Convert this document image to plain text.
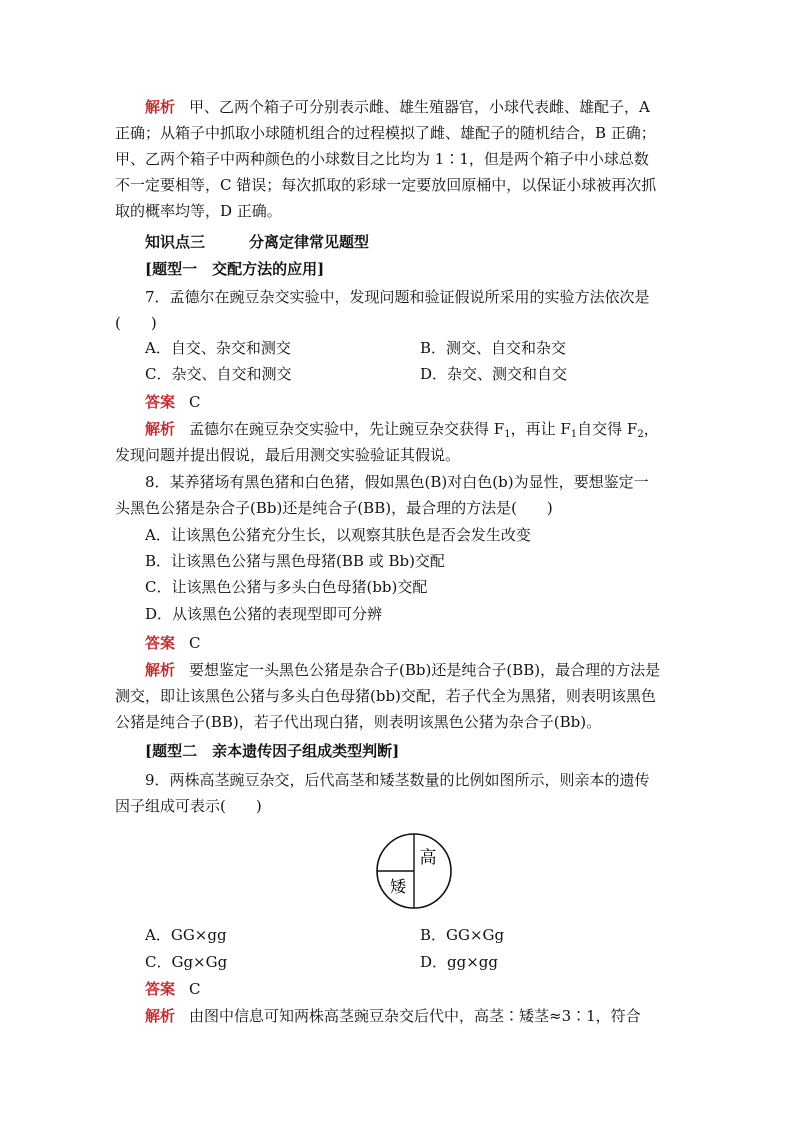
解析 甲、乙两个箱子可分别表示雌、雄生殖器官，小球代表雌、雄配子，A
正确；从箱子中抓取小球随机组合的过程模拟了雌、雄配子的随机结合，B 正确；
甲、乙两个箱子中两种颜色的小球数目之比均为 1∶1，但是两个箱子中小球总数
不一定要相等，C 错误；每次抓取的彩球一定要放回原桶中，以保证小球被再次抓
取的概率均等，D 正确。
知识点三	分离定律常见题型
[题型一　交配方法的应用]
7．孟德尔在豌豆杂交实验中，发现问题和验证假说所采用的实验方法依次是
(　　)
A．自交、杂交和测交	B．测交、自交和杂交
C．杂交、自交和测交	D．杂交、测交和自交
答案 C
解析 孟德尔在豌豆杂交实验中，先让豌豆杂交获得 $F_1$，再让 $F_1$自交得 $F_2$，
发现问题并提出假说，最后用测交实验验证其假说。
8．某养猪场有黑色猪和白色猪，假如黑色(B)对白色(b)为显性，要想鉴定一
头黑色公猪是杂合子(Bb)还是纯合子(BB)，最合理的方法是(　　)
A．让该黑色公猪充分生长，以观察其肤色是否会发生改变
B．让该黑色公猪与黑色母猪(BB 或 Bb)交配
C．让该黑色公猪与多头白色母猪(bb)交配
D．从该黑色公猪的表现型即可分辨
答案 C
解析 要想鉴定一头黑色公猪是杂合子(Bb)还是纯合子(BB)，最合理的方法是
测交，即让该黑色公猪与多头白色母猪(bb)交配，若子代全为黑猪，则表明该黑色
公猪是纯合子(BB)，若子代出现白猪，则表明该黑色公猪为杂合子(Bb)。
[题型二　亲本遗传因子组成类型判断]
9．两株高茎豌豆杂交，后代高茎和矮茎数量的比例如图所示，则亲本的遗传
因子组成可表示(　　)
高
矮
A．GG×gg	B．GG×Gg
C．Gg×Gg	D．gg×gg
答案 C
解析 由图中信息可知两株高茎豌豆杂交后代中，高茎∶矮茎≈3∶1，符合
